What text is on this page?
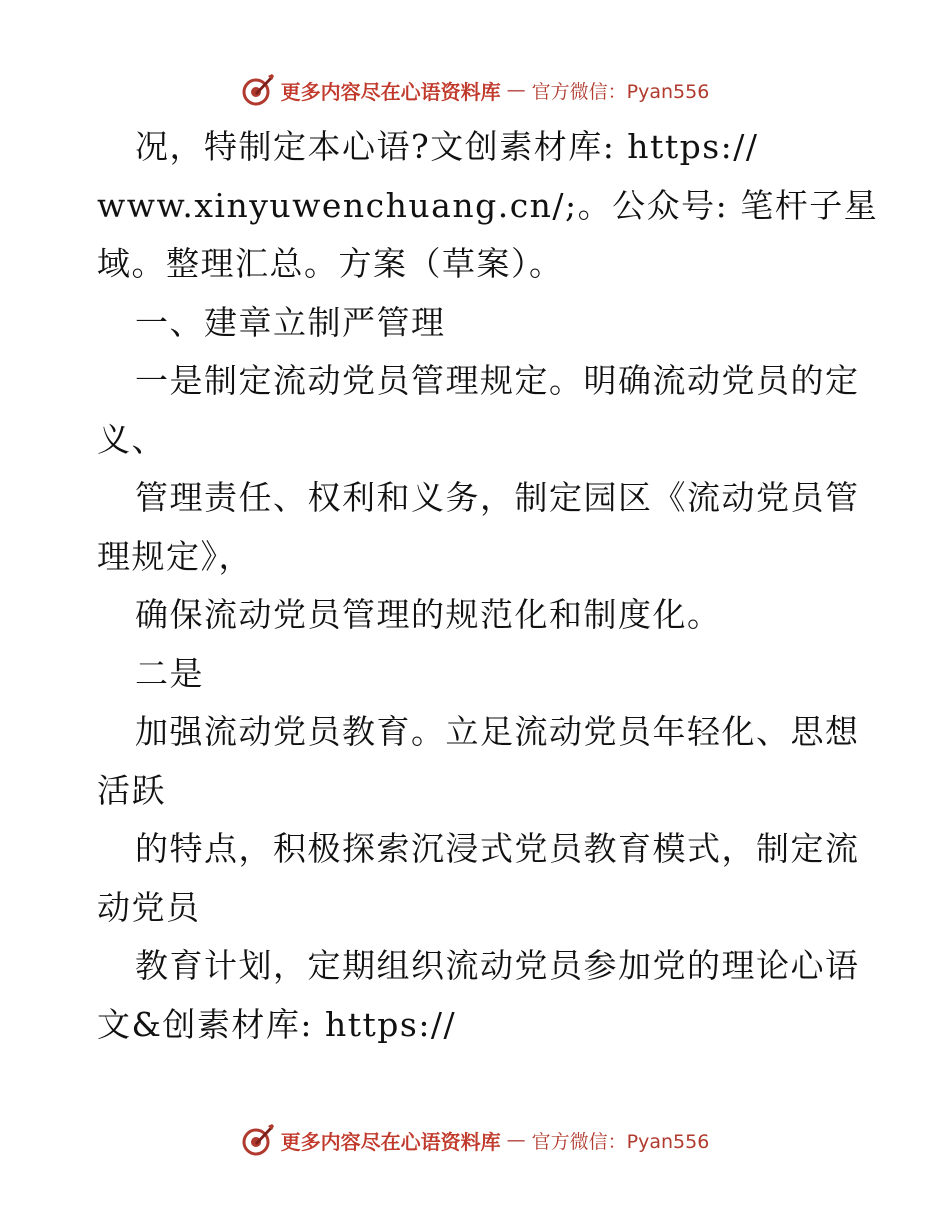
更多内容尽在心语资料库 — 官方微信：Pyan556
况，特制定本心语?文创素材库: https://
www.xinyuwenchuang.cn/;。公众号: 笔杆子星
域。整理汇总。方案（草案）。
一、建章立制严管理
一是制定流动党员管理规定。明确流动党员的定
义、
管理责任、权利和义务，制定园区《流动党员管
理规定》，
确保流动党员管理的规范化和制度化。
二是
加强流动党员教育。立足流动党员年轻化、思想
活跃
的特点，积极探索沉浸式党员教育模式，制定流
动党员
教育计划，定期组织流动党员参加党的理论心语
文&创素材库: https://
更多内容尽在心语资料库 — 官方微信：Pyan556
